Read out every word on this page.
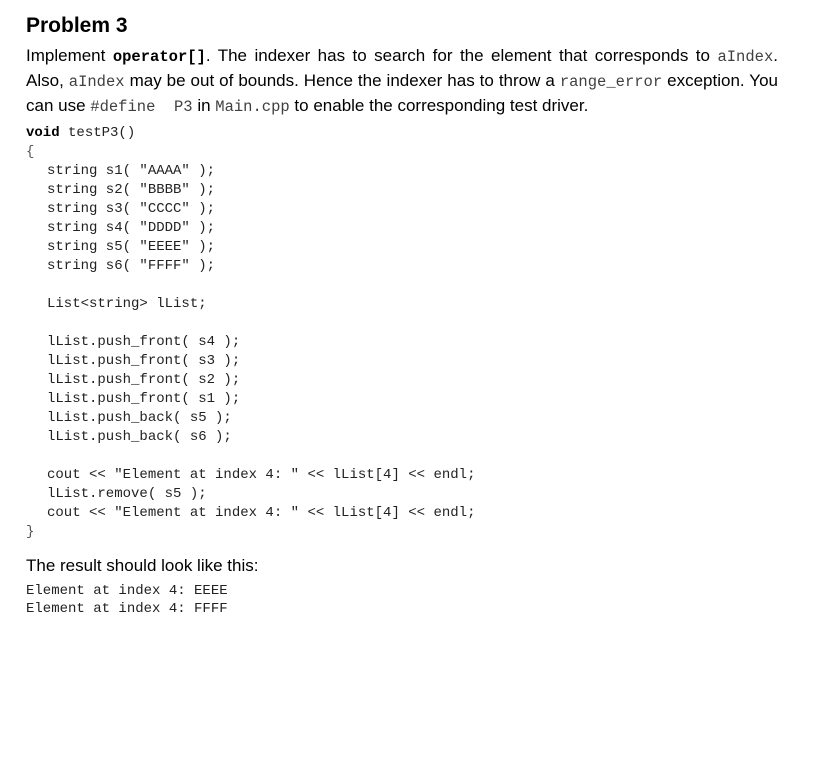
Problem 3

Implement operator[]. The indexer has to search for the element that corresponds to aIndex. Also, aIndex may be out of bounds. Hence the indexer has to throw a range_error exception. You can use #define  P3 in Main.cpp to enable the corresponding test driver.

void testP3()
{
string s1( "AAAA" );
string s2( "BBBB" );
string s3( "CCCC" );
string s4( "DDDD" );
string s5( "EEEE" );
string s6( "FFFF" );
List<string> lList;
lList.push_front( s4 );
lList.push_front( s3 );
lList.push_front( s2 );
lList.push_front( s1 );
lList.push_back( s5 );
lList.push_back( s6 );
cout << "Element at index 4: " << lList[4] << endl;
lList.remove( s5 );
cout << "Element at index 4: " << lList[4] << endl;
}

The result should look like this:

Element at index 4: EEEE
Element at index 4: FFFF
